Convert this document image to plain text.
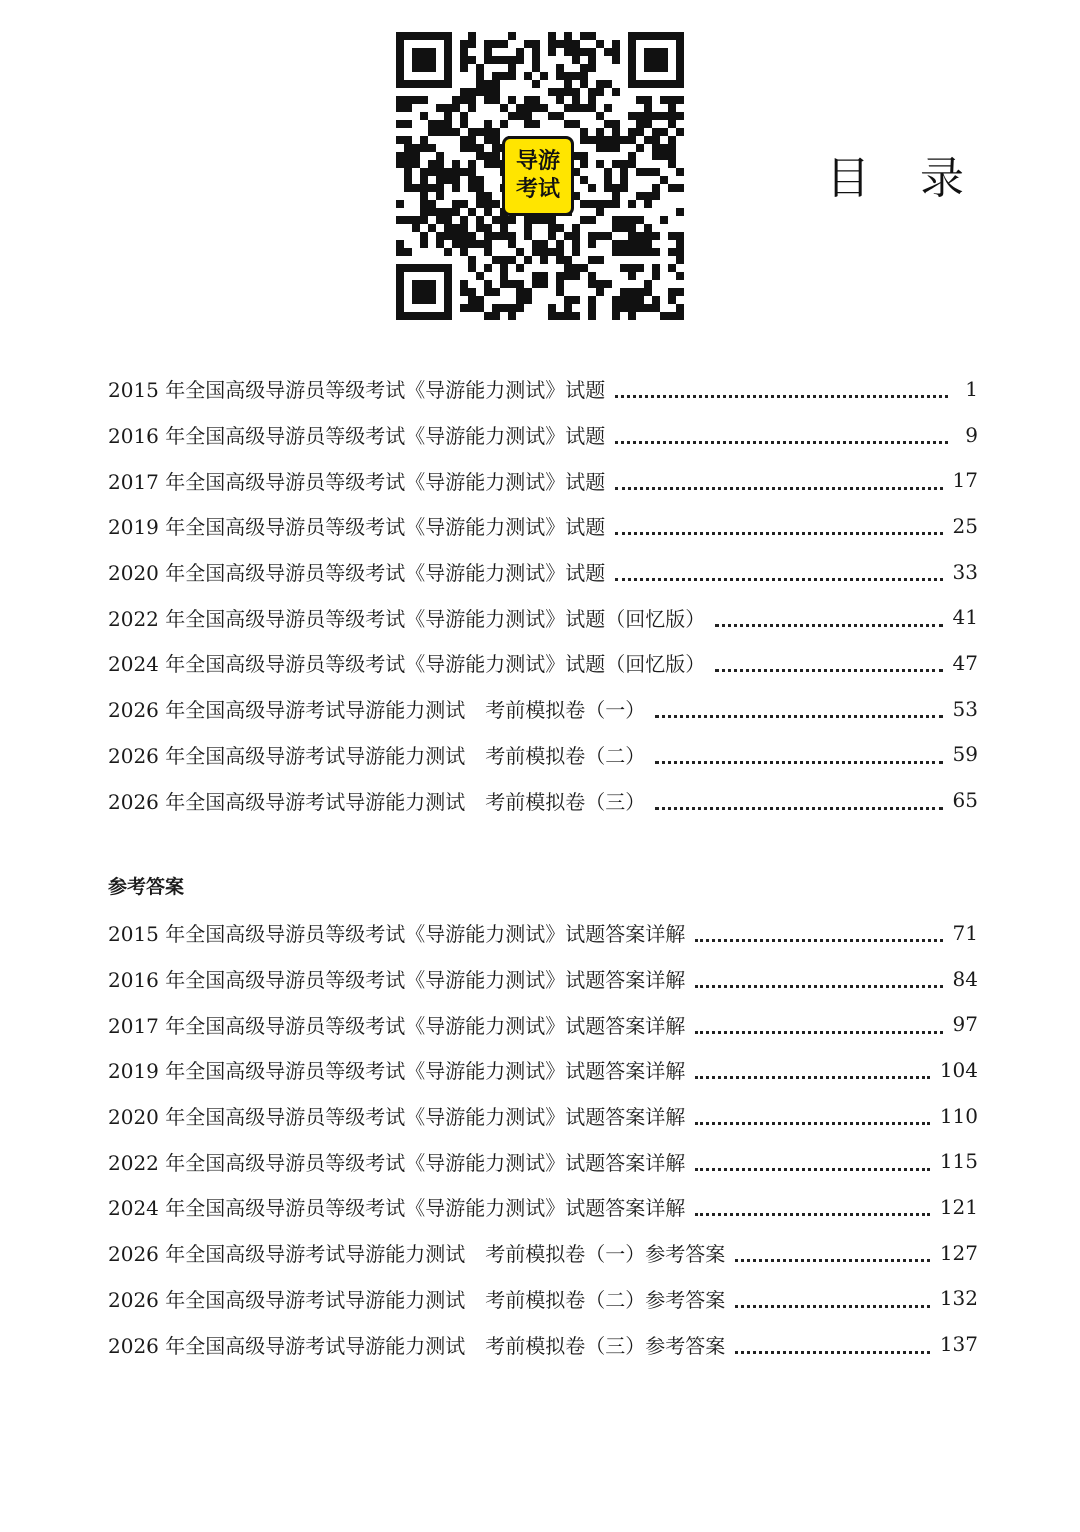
导游
考试	目录
2015 年全国高级导游员等级考试《导游能力测试》试题	1
2016 年全国高级导游员等级考试《导游能力测试》试题	9
2017 年全国高级导游员等级考试《导游能力测试》试题	17
2019 年全国高级导游员等级考试《导游能力测试》试题	25
2020 年全国高级导游员等级考试《导游能力测试》试题	33
2022 年全国高级导游员等级考试《导游能力测试》试题（回忆版）	41
2024 年全国高级导游员等级考试《导游能力测试》试题（回忆版）	47
2026 年全国高级导游考试导游能力测试　考前模拟卷（一）	53
2026 年全国高级导游考试导游能力测试　考前模拟卷（二）	59
2026 年全国高级导游考试导游能力测试　考前模拟卷（三）	65
参考答案
2015 年全国高级导游员等级考试《导游能力测试》试题答案详解	71
2016 年全国高级导游员等级考试《导游能力测试》试题答案详解	84
2017 年全国高级导游员等级考试《导游能力测试》试题答案详解	97
2019 年全国高级导游员等级考试《导游能力测试》试题答案详解	104
2020 年全国高级导游员等级考试《导游能力测试》试题答案详解	110
2022 年全国高级导游员等级考试《导游能力测试》试题答案详解	115
2024 年全国高级导游员等级考试《导游能力测试》试题答案详解	121
2026 年全国高级导游考试导游能力测试　考前模拟卷（一）参考答案	127
2026 年全国高级导游考试导游能力测试　考前模拟卷（二）参考答案	132
2026 年全国高级导游考试导游能力测试　考前模拟卷（三）参考答案	137
